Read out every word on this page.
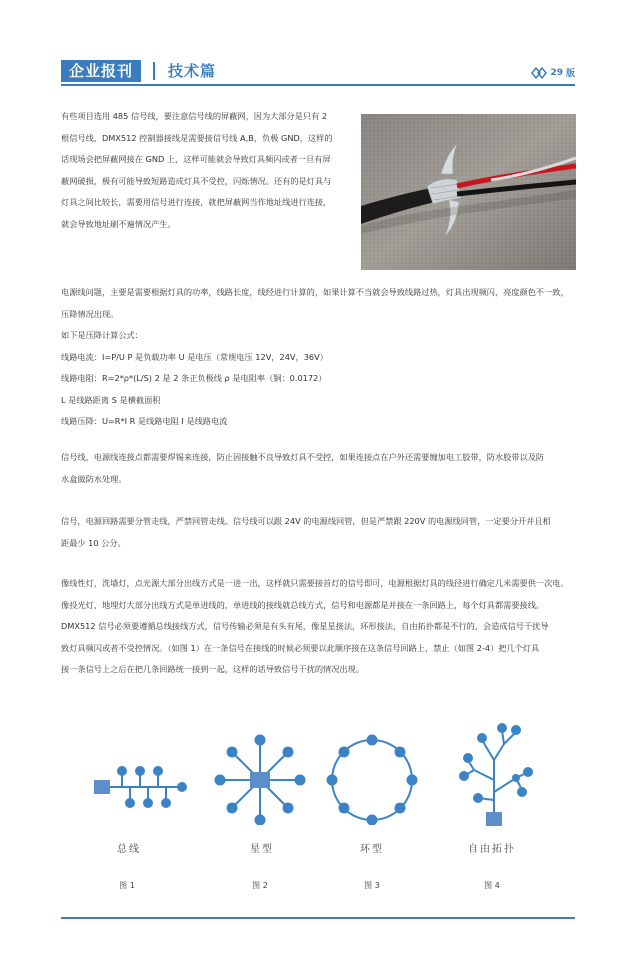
企业报刊	技术篇	29 版
有些项目选用 485 信号线，要注意信号线的屏蔽网，因为大部分是只有 2
根信号线，DMX512 控制器接线是需要接信号线 A,B，负极 GND，这样的
话现场会把屏蔽网接在 GND 上，这样可能就会导致灯具频闪或者一旦有屏
蔽网破损，极有可能导致短路造成灯具不受控，闪烁情况。还有的是灯具与
灯具之间比较长，需要用信号进行连接，就把屏蔽网当作地址线进行连接，
就会导致地址刷不遍情况产生。
电源线问题，主要是需要根据灯具的功率，线路长度，线经进行计算的，如果计算不当就会导致线路过热，灯具出现频闪，亮度颜色不一致，
压降情况出现。
如下是压降计算公式：
线路电流：I=P/U P 是负载功率 U 是电压（常规电压 12V，24V，36V）
线路电阻：R=2*ρ*(L/S) 2 是 2 条正负极线 ρ 是电阻率（铜：0.0172）
L 是线路距离 S 是横截面积
线路压降：U=R*I R 是线路电阻 I 是线路电流
信号线，电源线连接点都需要焊锡来连接，防止因接触不良导致灯具不受控，如果连接点在户外还需要缠加电工胶带，防水胶带以及防
水盒做防水处理。
信号，电源回路需要分管走线，严禁同管走线。信号线可以跟 24V 的电源线同管，但是严禁跟 220V 的电源线同管，一定要分开并且相
距最少 10 公分。
像线性灯，洗墙灯，点光源大部分出线方式是一进一出，这样就只需要接首灯的信号即可，电源根据灯具的线径进行确定几米需要供一次电。
像投光灯，地埋灯大部分出线方式是单进线的，单进线的接线就总线方式，信号和电源都是并接在一条回路上，每个灯具都需要接线。
DMX512 信号必须要遵循总线接线方式，信号传输必须是有头有尾，像星星接法，环形接法，自由拓扑都是不行的，会造成信号干扰导
致灯具频闪或者不受控情况。（如图 1）在一条信号在接线的时候必须要以此顺序接在这条信号回路上，禁止（如图 2-4）把几个灯具
接一条信号上之后在把几条回路统一接到一起，这样的话导致信号干扰的情况出现。
总线	星型	环型	自由拓扑
图 1	图 2	图 3	图 4
